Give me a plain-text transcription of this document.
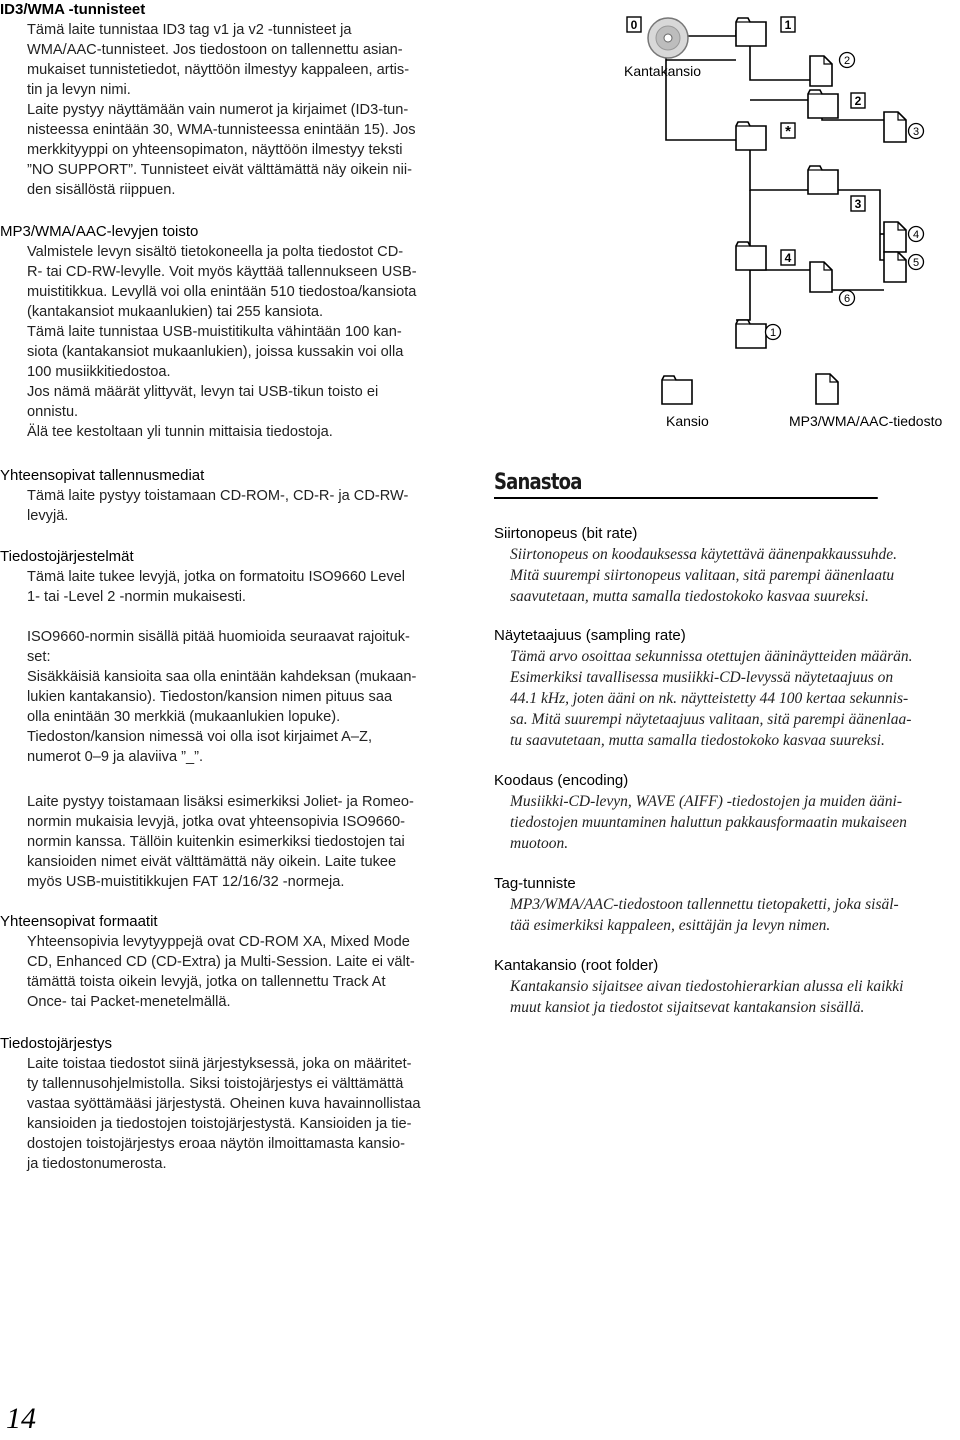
ID3/WMA -tunnisteet

Tämä laite tunnistaa ID3 tag v1 ja v2 -tunnisteet ja
WMA/AAC-tunnisteet. Jos tiedostoon on tallennettu asian-
mukaiset tunnistetiedot, näyttöön ilmestyy kappaleen, artis-
tin ja levyn nimi.
Laite pystyy näyttämään vain numerot ja kirjaimet (ID3-tun-
nisteessa enintään 30, WMA-tunnisteessa enintään 15). Jos
merkkityyppi on yhteensopimaton, näyttöön ilmestyy teksti
”NO SUPPORT”. Tunnisteet eivät välttämättä näy oikein nii-
den sisällöstä riippuen.

MP3/WMA/AAC-levyjen toisto

Valmistele levyn sisältö tietokoneella ja polta tiedostot CD-
R- tai CD-RW-levylle. Voit myös käyttää tallennukseen USB-
muistitikkua. Levyllä voi olla enintään 510 tiedostoa/kansiota
(kantakansiot mukaanlukien) tai 255 kansiota.
Tämä laite tunnistaa USB-muistitikulta vähintään 100 kan-
siota (kantakansiot mukaanlukien), joissa kussakin voi olla
100 musiikkitiedostoa.
Jos nämä määrät ylittyvät, levyn tai USB-tikun toisto ei
onnistu.
Älä tee kestoltaan yli tunnin mittaisia tiedostoja.

Yhteensopivat tallennusmediat

Tämä laite pystyy toistamaan CD-ROM-, CD-R- ja CD-RW-
levyjä.

Tiedostojärjestelmät

Tämä laite tukee levyjä, jotka on formatoitu ISO9660 Level
1- tai -Level 2 -normin mukaisesti.

ISO9660-normin sisällä pitää huomioida seuraavat rajoituk-
set:
Sisäkkäisiä kansioita saa olla enintään kahdeksan (mukaan-
lukien kantakansio). Tiedoston/kansion nimen pituus saa
olla enintään 30 merkkiä (mukaanlukien lopuke).
Tiedoston/kansion nimessä voi olla isot kirjaimet A–Z,
numerot 0–9 ja alaviiva ”_”.

Laite pystyy toistamaan lisäksi esimerkiksi Joliet- ja Romeo-
normin mukaisia levyjä, jotka ovat yhteensopivia ISO9660-
normin kanssa. Tällöin kuitenkin esimerkiksi tiedostojen tai
kansioiden nimet eivät välttämättä näy oikein. Laite tukee
myös USB-muistitikkujen FAT 12/16/32 -normeja.

Yhteensopivat formaatit

Yhteensopivia levytyyppejä ovat CD-ROM XA, Mixed Mode
CD, Enhanced CD (CD-Extra) ja Multi-Session. Laite ei vält-
tämättä toista oikein levyjä, jotka on tallennettu Track At
Once- tai Packet-menetelmällä.

Tiedostojärjestys

Laite toistaa tiedostot siinä järjestyksessä, joka on määritet-
ty tallennusohjelmistolla. Siksi toistojärjestys ei välttämättä
vastaa syöttämääsi järjestystä. Oheinen kuva havainnollistaa
kansioiden ja tiedostojen toistojärjestystä. Kansioiden ja tie-
dostojen toistojärjestys eroaa näytön ilmoittamasta kansio-
ja tiedostonumerosta.

0	1
2
*
3
4
2
3
4
5
6
1
Kantakansio
Kansio	MP3/WMA/AAC-tiedosto
Sanastoa

Siirtonopeus (bit rate)

Siirtonopeus on koodauksessa käytettävä äänenpakkaussuhde.
Mitä suurempi siirtonopeus valitaan, sitä parempi äänenlaatu
saavutetaan, mutta samalla tiedostokoko kasvaa suureksi.

Näytetaajuus (sampling rate)

Tämä arvo osoittaa sekunnissa otettujen ääninäytteiden määrän.
Esimerkiksi tavallisessa musiikki-CD-levyssä näytetaajuus on
44.1 kHz, joten ääni on nk. näytteistetty 44 100 kertaa sekunnis-
sa. Mitä suurempi näytetaajuus valitaan, sitä parempi äänenlaa-
tu saavutetaan, mutta samalla tiedostokoko kasvaa suureksi.

Koodaus (encoding)

Musiikki-CD-levyn, WAVE (AIFF) -tiedostojen ja muiden ääni-
tiedostojen muuntaminen haluttun pakkausformaatin mukaiseen
muotoon.

Tag-tunniste

MP3/WMA/AAC-tiedostoon tallennettu tietopaketti, joka sisäl-
tää esimerkiksi kappaleen, esittäjän ja levyn nimen.

Kantakansio (root folder)

Kantakansio sijaitsee aivan tiedostohierarkian alussa eli kaikki
muut kansiot ja tiedostot sijaitsevat kantakansion sisällä.

14
